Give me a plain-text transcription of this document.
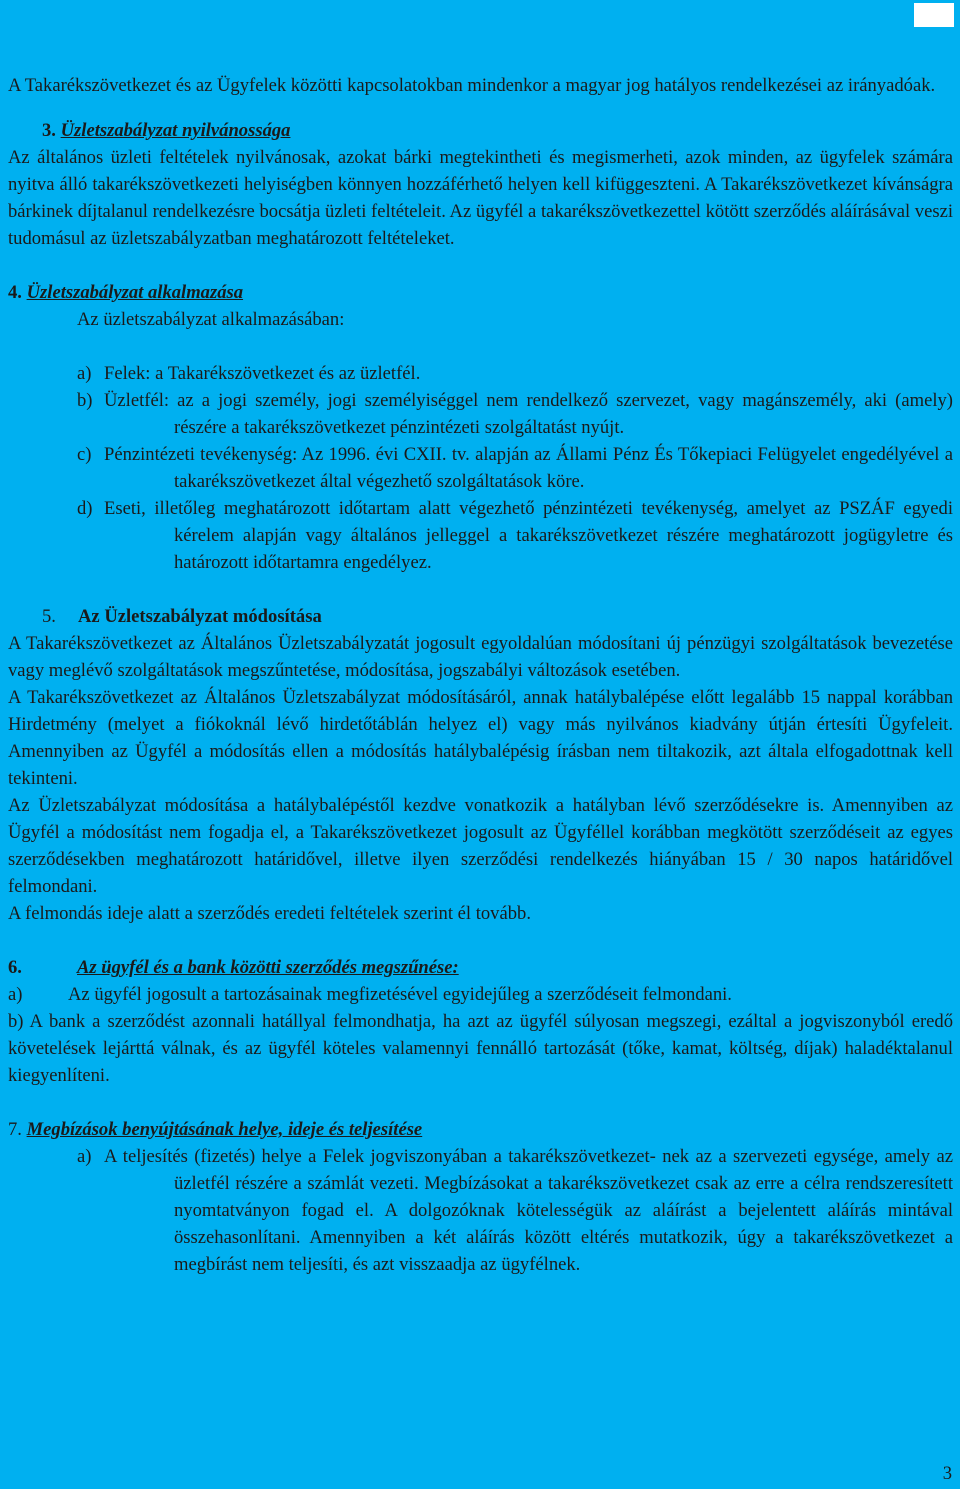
A Takarékszövetkezet és az Ügyfelek közötti kapcsolatokban mindenkor a magyar jog hatályos rendelkezései az irányadóak.

3. Üzletszabályzat nyilvánossága

Az általános üzleti feltételek nyilvánosak, azokat bárki megtekintheti és megismerheti, azok minden, az ügyfelek számára nyitva álló takarékszövetkezeti helyiségben könnyen hozzáférhető helyen kell kifüggeszteni. A Takarékszövetkezet kívánságra bárkinek díjtalanul rendelkezésre bocsátja üzleti feltételeit. Az ügyfél a takarékszövetkezettel kötött szerződés aláírásával veszi tudomásul az üzletszabályzatban meghatározott feltételeket.

4. Üzletszabályzat alkalmazása

Az üzletszabályzat alkalmazásában:

a) Felek: a Takarékszövetkezet és az üzletfél.

b) Üzletfél: az a jogi személy, jogi személyiséggel nem rendelkező szervezet, vagy magánszemély, aki (amely) részére a takarékszövetkezet pénzintézeti szolgáltatást nyújt.

c) Pénzintézeti tevékenység: Az 1996. évi CXII. tv. alapján az Állami Pénz És Tőkepiaci Felügyelet engedélyével a takarékszövetkezet által végezhető szolgáltatások köre.

d) Eseti, illetőleg meghatározott időtartam alatt végezhető pénzintézeti tevékenység, amelyet az PSZÁF egyedi kérelem alapján vagy általános jelleggel a takarékszövetkezet részére meghatározott jogügyletre és határozott időtartamra engedélyez.

5. Az Üzletszabályzat módosítása

A Takarékszövetkezet az Általános Üzletszabályzatát jogosult egyoldalúan módosítani új pénzügyi szolgáltatások bevezetése vagy meglévő szolgáltatások megszűntetése, módosítása, jogszabályi változások esetében.

A Takarékszövetkezet az Általános Üzletszabályzat módosításáról, annak hatálybalépése előtt legalább 15 nappal korábban Hirdetmény (melyet a fiókoknál lévő hirdetőtáblán helyez el) vagy más nyilvános kiadvány útján értesíti Ügyfeleit. Amennyiben az Ügyfél a módosítás ellen a módosítás hatálybalépésig írásban nem tiltakozik, azt általa elfogadottnak kell tekinteni.

Az Üzletszabályzat módosítása a hatálybalépéstől kezdve vonatkozik a hatályban lévő szerződésekre is. Amennyiben az Ügyfél a módosítást nem fogadja el, a Takarékszövetkezet jogosult az Ügyféllel korábban megkötött szerződéseit az egyes szerződésekben meghatározott határidővel, illetve ilyen szerződési rendelkezés hiányában 15 / 30 napos határidővel felmondani.

A felmondás ideje alatt a szerződés eredeti feltételek szerint él tovább.

6.	Az ügyfél és a bank közötti szerződés megszűnése:

a) Az ügyfél jogosult a tartozásainak megfizetésével egyidejűleg a szerződéseit felmondani.

b) A bank a szerződést azonnali hatállyal felmondhatja, ha azt az ügyfél súlyosan megszegi, ezáltal a jogviszonyból eredő követelések lejárttá válnak, és az ügyfél köteles valamennyi fennálló tartozását (tőke, kamat, költség, díjak) haladéktalanul kiegyenlíteni.

7. Megbízások benyújtásának helye, ideje és teljesítése
a) A teljesítés (fizetés) helye a Felek jogviszonyában a takarékszövetkezet- nek az a szervezeti egysége, amely az üzletfél részére a számlát vezeti. Megbízásokat a takarékszövetkezet csak az erre a célra rendszeresített nyomtatványon fogad el. A dolgozóknak kötelességük az aláírást a bejelentett aláírás mintával összehasonlítani. Amennyiben a két aláírás között eltérés mutatkozik, úgy a takarékszövetkezet a megbírást nem teljesíti, és azt visszaadja az ügyfélnek.

3
